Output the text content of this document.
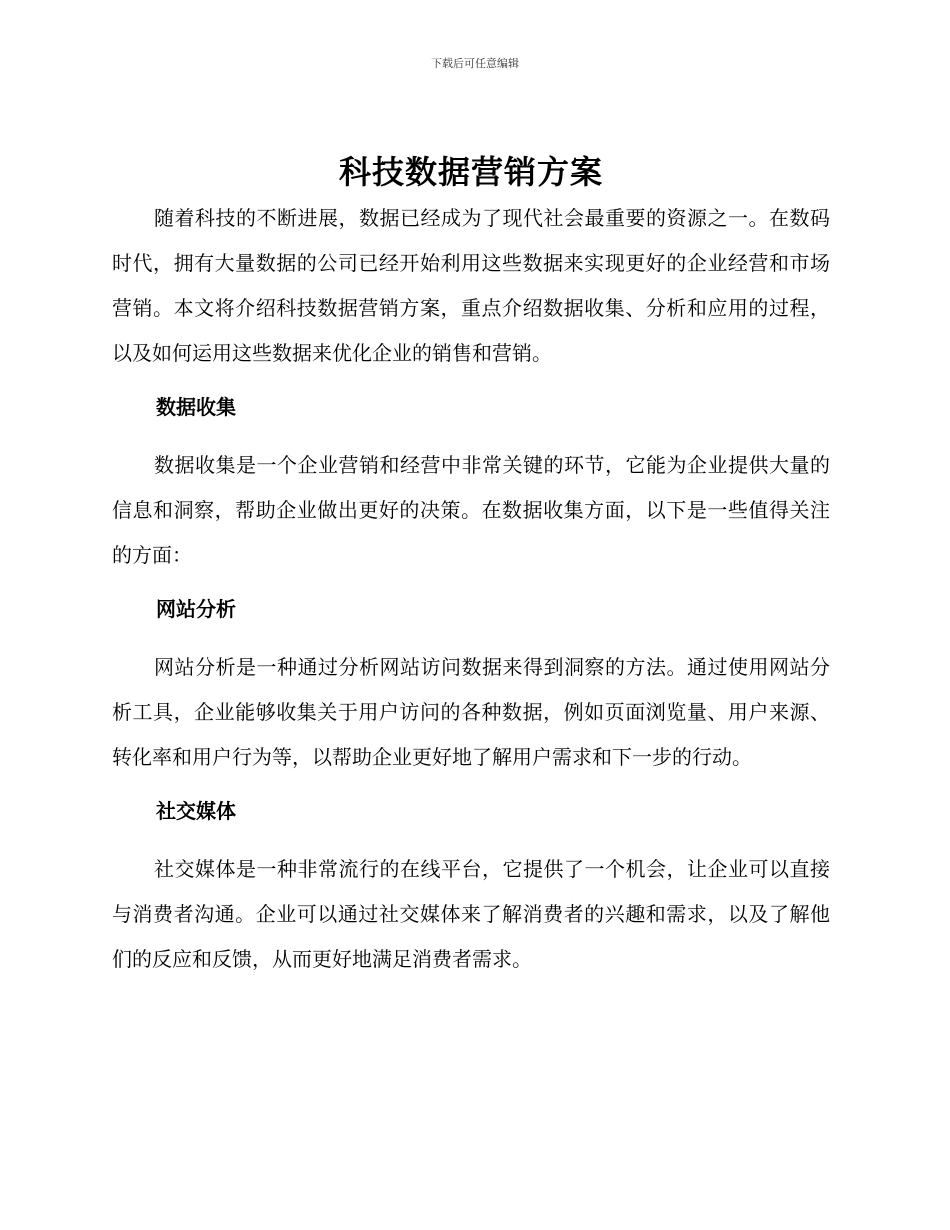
下载后可任意编辑
科技数据营销方案

随着科技的不断进展，数据已经成为了现代社会最重要的资源之一。在数码时代，拥有大量数据的公司已经开始利用这些数据来实现更好的企业经营和市场营销。本文将介绍科技数据营销方案，重点介绍数据收集、分析和应用的过程，以及如何运用这些数据来优化企业的销售和营销。

数据收集

数据收集是一个企业营销和经营中非常关键的环节，它能为企业提供大量的信息和洞察，帮助企业做出更好的决策。在数据收集方面，以下是一些值得关注的方面：

网站分析

网站分析是一种通过分析网站访问数据来得到洞察的方法。通过使用网站分析工具，企业能够收集关于用户访问的各种数据，例如页面浏览量、用户来源、转化率和用户行为等，以帮助企业更好地了解用户需求和下一步的行动。

社交媒体

社交媒体是一种非常流行的在线平台，它提供了一个机会，让企业可以直接与消费者沟通。企业可以通过社交媒体来了解消费者的兴趣和需求，以及了解他们的反应和反馈，从而更好地满足消费者需求。
